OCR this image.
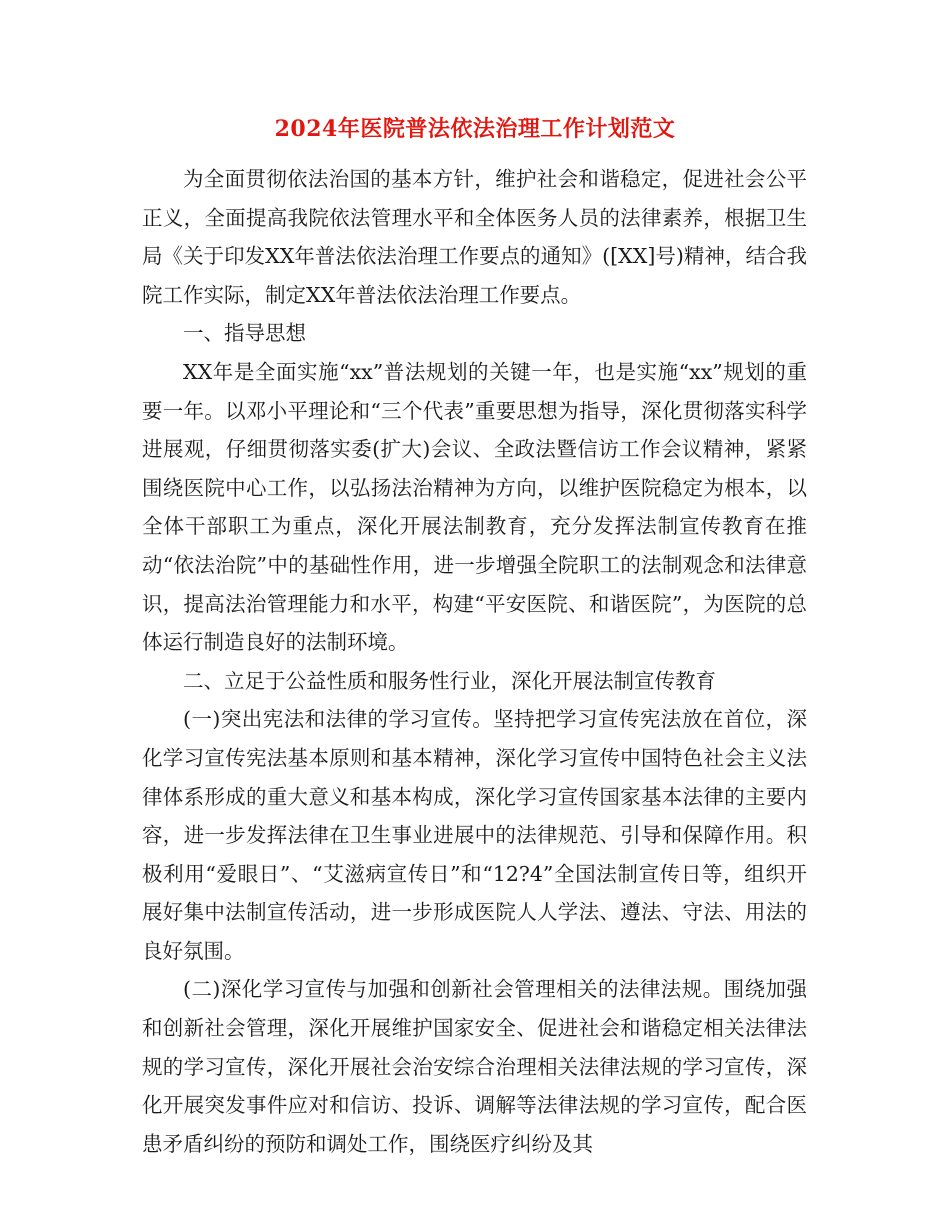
2024年医院普法依法治理工作计划范文

为全面贯彻依法治国的基本方针，维护社会和谐稳定，促进社会公平正义，全面提高我院依法管理水平和全体医务人员的法律素养，根据卫生局《关于印发XX年普法依法治理工作要点的通知》([XX]号)精神，结合我院工作实际，制定XX年普法依法治理工作要点。

一、指导思想

XX年是全面实施“xx”普法规划的关键一年，也是实施“xx”规划的重要一年。以邓小平理论和“三个代表”重要思想为指导，深化贯彻落实科学进展观，仔细贯彻落实委(扩大)会议、全政法暨信访工作会议精神，紧紧围绕医院中心工作，以弘扬法治精神为方向，以维护医院稳定为根本，以全体干部职工为重点，深化开展法制教育，充分发挥法制宣传教育在推动“依法治院”中的基础性作用，进一步增强全院职工的法制观念和法律意识，提高法治管理能力和水平，构建“平安医院、和谐医院”，为医院的总体运行制造良好的法制环境。

二、立足于公益性质和服务性行业，深化开展法制宣传教育

(一)突出宪法和法律的学习宣传。坚持把学习宣传宪法放在首位，深化学习宣传宪法基本原则和基本精神，深化学习宣传中国特色社会主义法律体系形成的重大意义和基本构成，深化学习宣传国家基本法律的主要内容，进一步发挥法律在卫生事业进展中的法律规范、引导和保障作用。积极利用“爱眼日”、“艾滋病宣传日”和“12?4”全国法制宣传日等，组织开展好集中法制宣传活动，进一步形成医院人人学法、遵法、守法、用法的良好氛围。

(二)深化学习宣传与加强和创新社会管理相关的法律法规。围绕加强和创新社会管理，深化开展维护国家安全、促进社会和谐稳定相关法律法规的学习宣传，深化开展社会治安综合治理相关法律法规的学习宣传，深化开展突发事件应对和信访、投诉、调解等法律法规的学习宣传，配合医患矛盾纠纷的预防和调处工作，围绕医疗纠纷及其
